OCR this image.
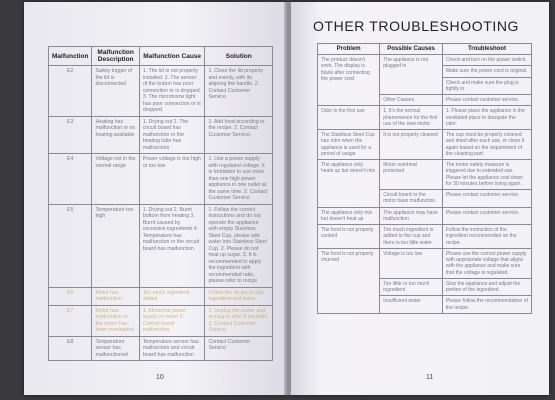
Malfunction	Malfunction Description	Malfunction Cause	Solution
E2	Safety trigger of the lid is disconnected	1. The lid is not properly installed. 2. The sensor of the button has poor connection or is dropped. 3. The microhome light has poor connection or is dropped.	1. Close the lid properly and evenly, with its aligning the handle. 2. Contact Customer Service.
E3	Heating has malfunction or no heating available	1. Drying out 2. The circuit board has malfunction or the heating tube has malfunction	1. Add food according to the recipe. 2. Contact Customer Service.
E4	Voltage not in the normal range	Power voltage is too high or too low	1. Use a power supply with regulated voltage. It is forbidden to use more than one high-power appliance in one outlet at the same time. 2. Contact Customer Service
E5	Temperature too high	1. Drying out 2. Burnt bottom from heating 3. Burnt caused by excessive ingredients 4. Temperature has malfunction or the circuit board has malfunction	1. Follow the correct instructions and do not operate the appliance with empty Stainless Steel Cup, please add water into Stainless Steel Cup. 2. Please do not heat up sugar. 3. It is recommended to apply the ingredient with recommended ratio, please refer to recipe
E6	Motor has malfunction	Too much ingredient added	Follow the recipe to add ingredient and water
E7	Motor has malfunction or the motor has been overloaded	1. Abnormal power supply to motor 2. Control board malfunction	1. Unplug the power and re-plug in after 5 seconds. 2. Contact Customer Service
E8	Temperature sensor has malfunctioned	Temperature sensor has malfunction and circuit board has malfunction	Contact Customer Service
10
OTHER TROUBLESHOOTING
Problem	Possible Causes	Troubleshoot
The product doesn't work. The display is blank after connecting the power cord	The appliance is not plugged in	Check and turn on the power switch.
		Make sure the power cord is original.
		Check and make sure the plug is tightly in.
	Other Causes	Please contact customer service.
Odor in the first use	1. It's the normal phenomenon for the first use of the new motor.	1. Please place the appliance in the ventilated place to dissipate the odor.
The Stainless Steel Cup has odor when the appliance is used for a period of usage	It is not properly cleaned	The cup must be properly cleaned and dried after each use, or clean it again based on the requirement of the cleaning part.
The appliance only heats up but doesn't mix	Motor overheat protected	The motor safety measure is triggered due to extended use. Please let the appliance cool down for 30 minutes before trying again.
	Circuit board or the motor have malfunction	Please contact customer service.
The appliance only mix but doesn't heat up	The appliance may have malfunction	Please contact customer service.
The food is not properly cooked	Too much ingredient is added to the cup and there is too little water	Follow the instruction of the ingredient recommended on the recipe.
The food is not properly churned	Voltage is too low	Please use the correct power supply with appropriate voltage that aligns with the appliance and make sure that the voltage is regulated.
	Too little or too much ingredient	Stop the appliance and adjust the portion of the ingredient.
	Insufficient water	Please follow the recommendation of the recipe.
11
